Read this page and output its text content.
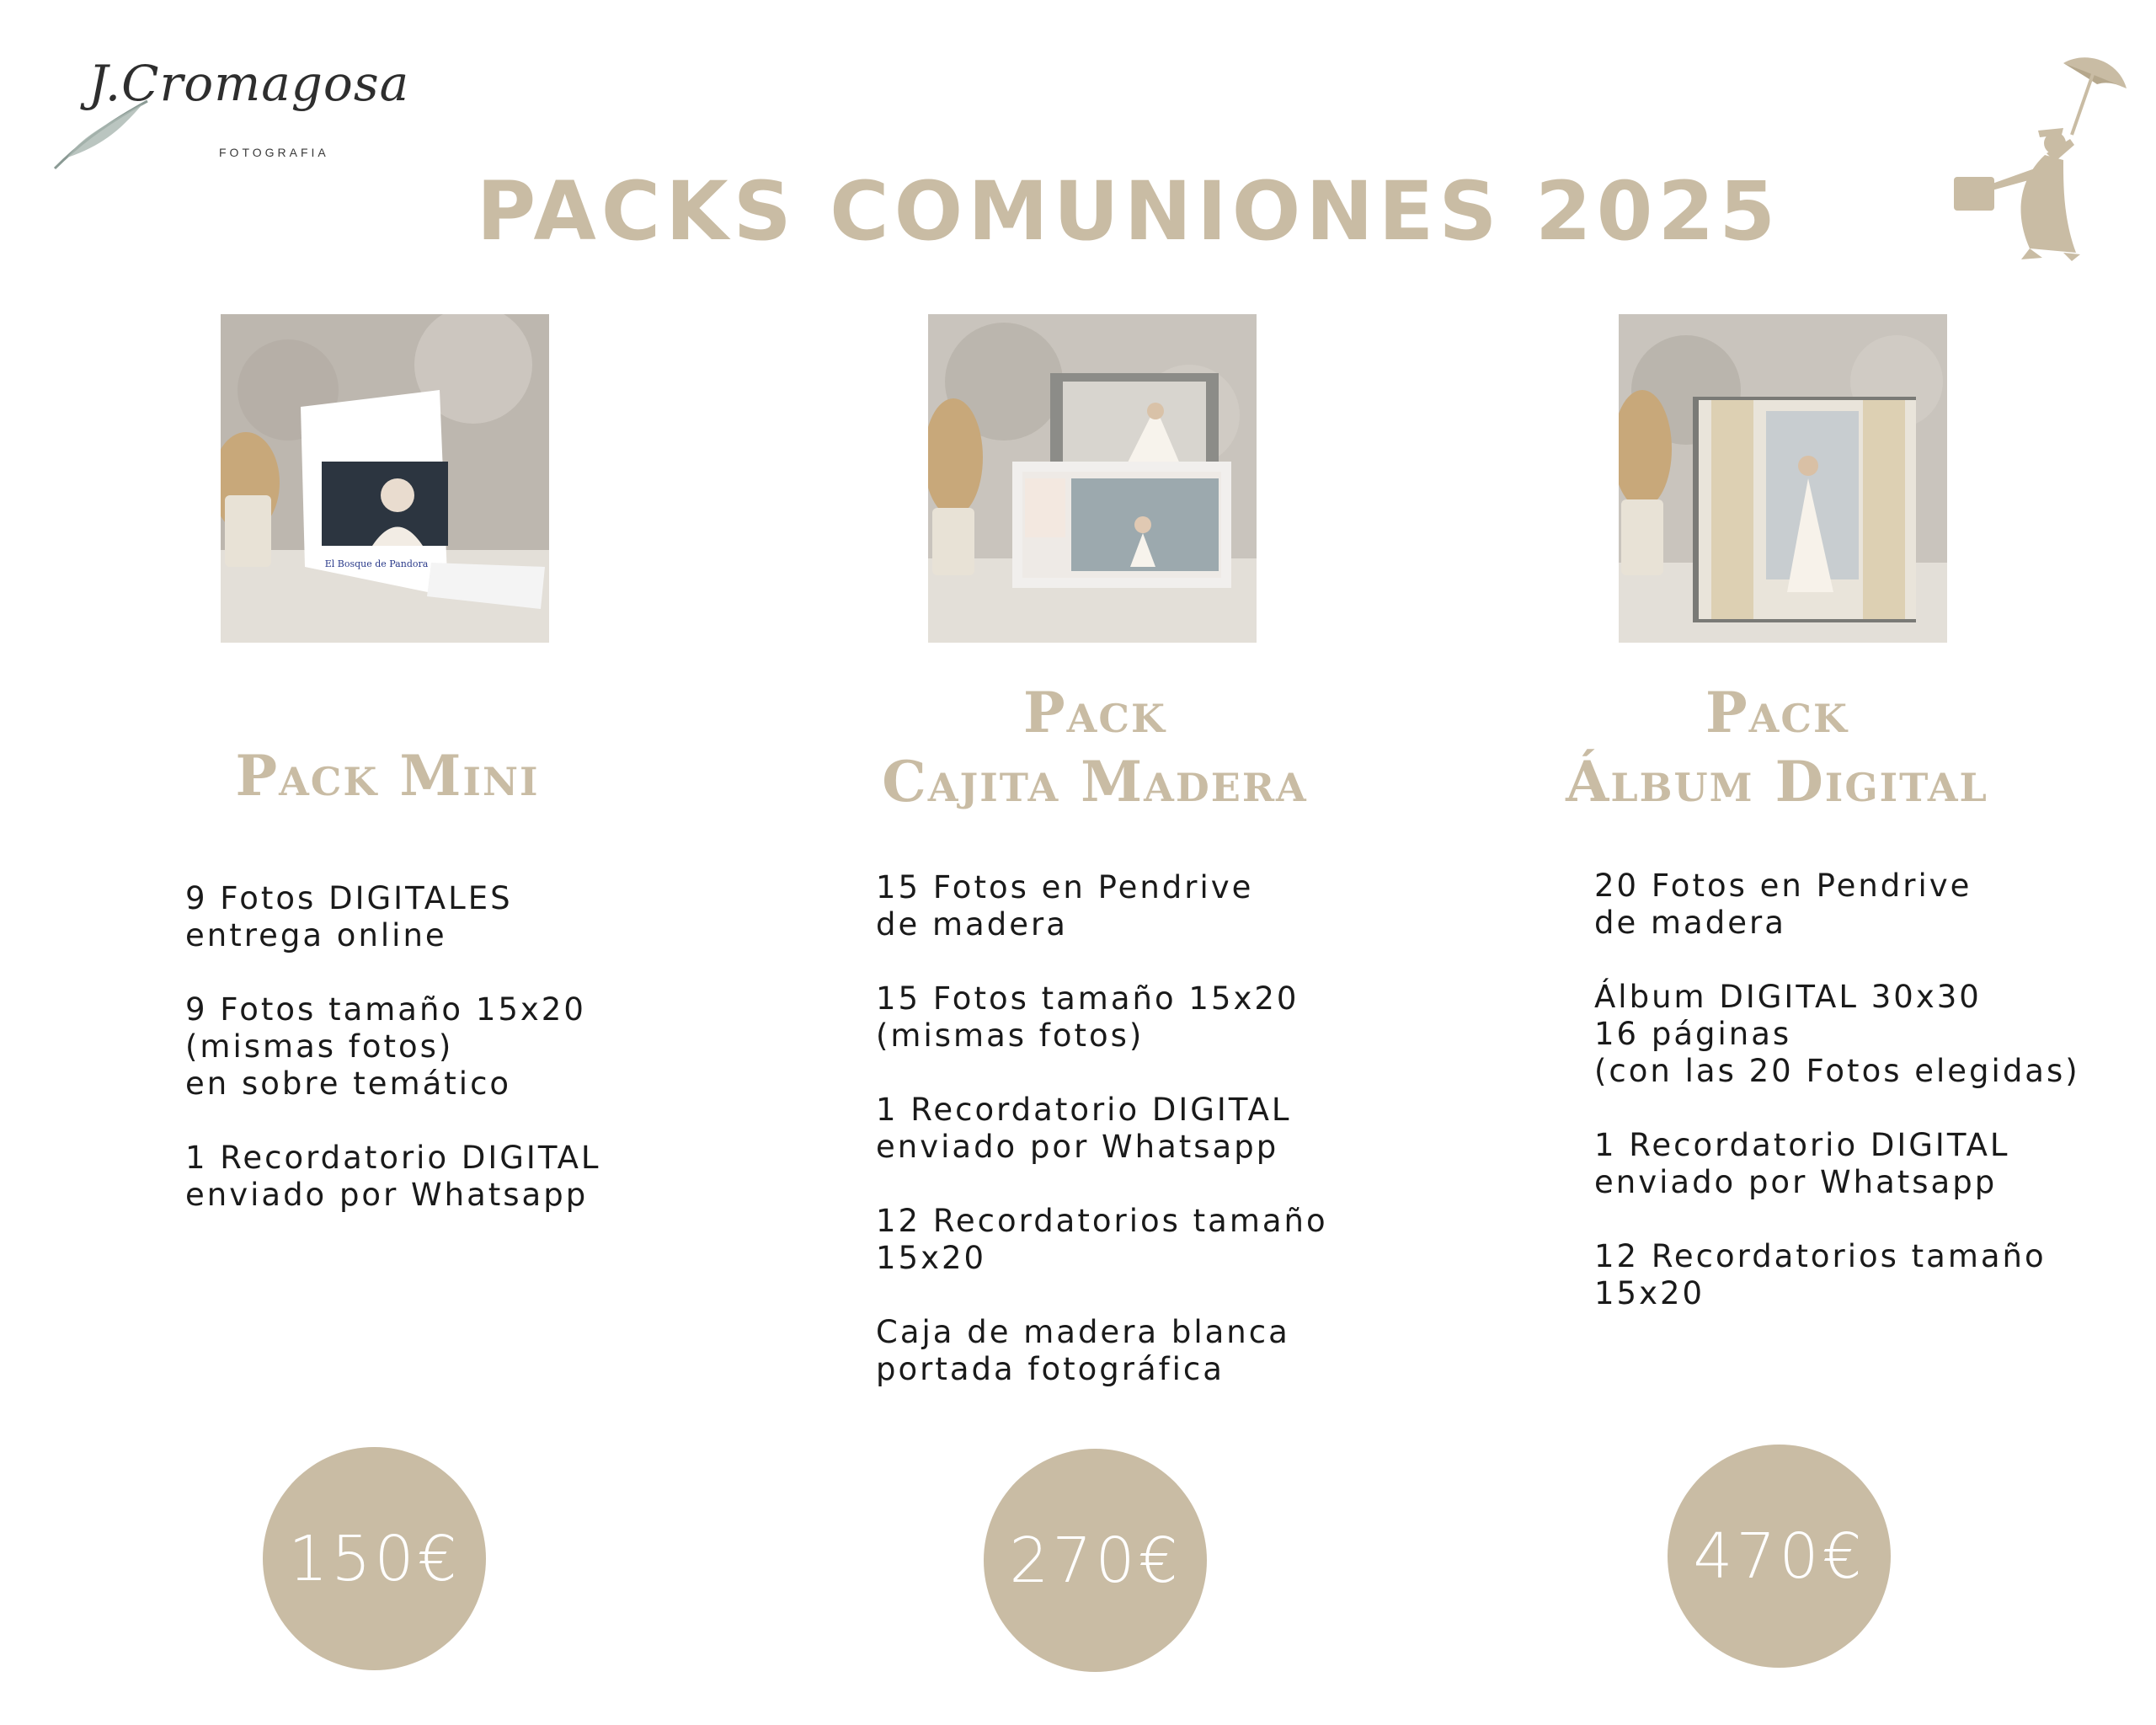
J.Cromagosa
FOTOGRAFIA
PACKS COMUNIONES 2025
El Bosque de Pandora
Pack Mini
9 Fotos DIGITALES
entrega online
9 Fotos tamaño 15x20
(mismas fotos)
en sobre temático
1 Recordatorio DIGITAL
enviado por Whatsapp
150€
Pack
Cajita Madera
15 Fotos en Pendrive
de madera
15 Fotos tamaño 15x20
(mismas fotos)
1 Recordatorio DIGITAL
enviado por Whatsapp
12 Recordatorios tamaño
15x20
Caja de madera blanca
portada fotográfica
270€
Pack
Álbum Digital
20 Fotos en Pendrive
de madera
Álbum DIGITAL 30x30
16 páginas
(con las 20 Fotos elegidas)
1 Recordatorio DIGITAL
enviado por Whatsapp
12 Recordatorios tamaño
15x20
470€
